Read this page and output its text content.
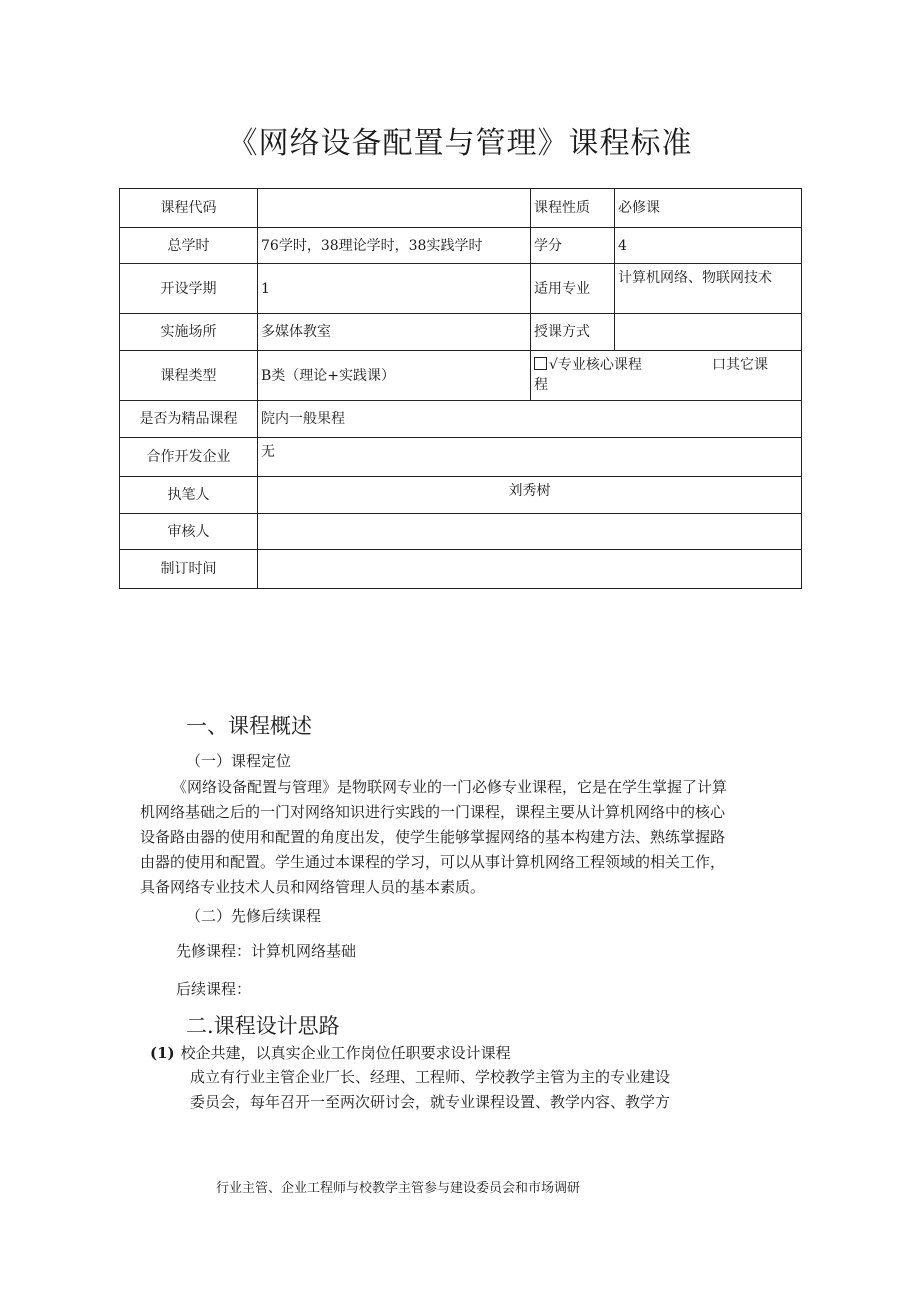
《网络设备配置与管理》课程标准
课程代码		课程性质	必修课
总学时	76学时，38理论学时，38实践学时	学分	4
开设学期	1	适用专业	计算机网络、物联网技术
实施场所	多媒体教室	授课方式	
课程类型	B类（理论+实践课）	√专业核心课程 口其它课
程	

是否为精品课程	院内一般果程		
合作开发企业	无		
执笔人	刘秀树		
审核人			
制订时间			
一、课程概述
（一）课程定位
《网络设备配置与管理》是物联网专业的一门必修专业课程，它是在学生掌握了计算
机网络基础之后的一门对网络知识进行实践的一门课程，课程主要从计算机网络中的核心
设备路由器的使用和配置的角度出发，使学生能够掌握网络的基本构建方法、熟练掌握路
由器的使用和配置。学生通过本课程的学习，可以从事计算机网络工程领域的相关工作，
具备网络专业技术人员和网络管理人员的基本素质。
（二）先修后续课程
先修课程：计算机网络基础
后续课程：
二.课程设计思路
(1) 校企共建，以真实企业工作岗位任职要求设计课程
成立有行业主管企业厂长、经理、工程师、学校教学主管为主的专业建设
委员会，每年召开一至两次研讨会，就专业课程设置、教学内容、教学方
行业主管、企业工程师与校教学主管参与建设委员会和市场调研
